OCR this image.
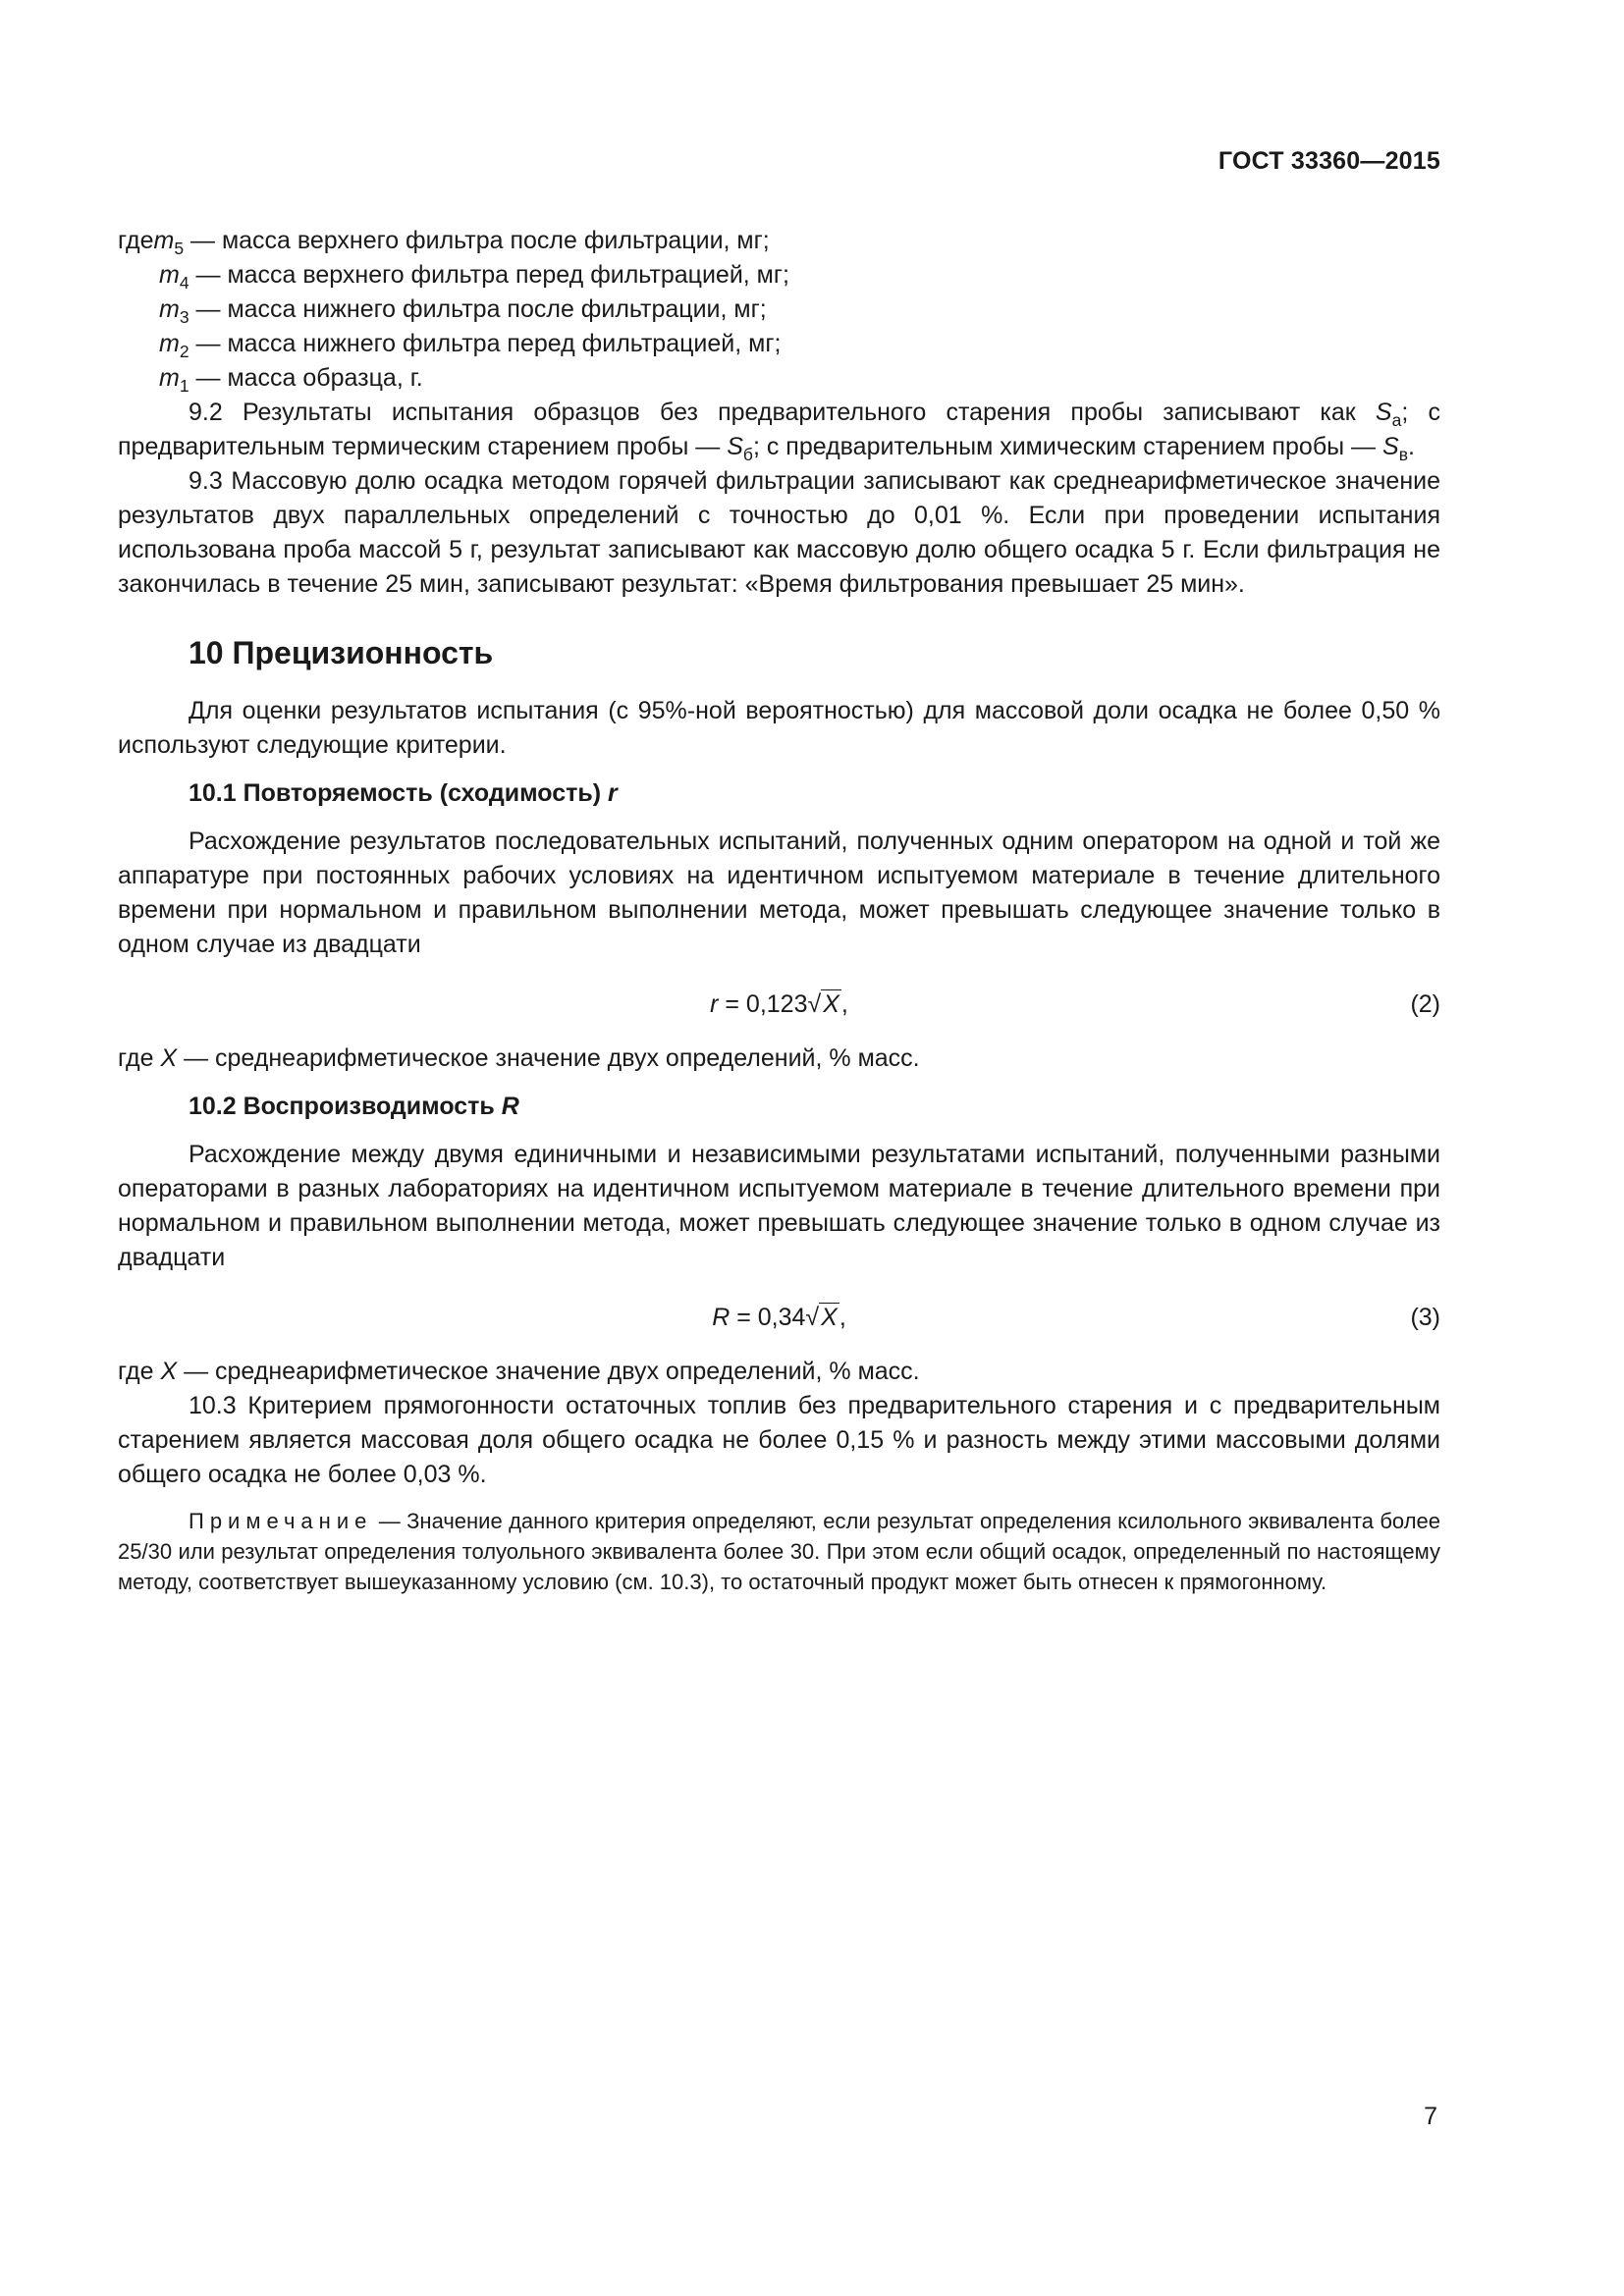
ГОСТ 33360—2015
гдеm$_5$ — масса верхнего фильтра после фильтрации, мг;
$m_4$ — масса верхнего фильтра перед фильтрацией, мг;
$m_3$ — масса нижнего фильтра после фильтрации, мг;
$m_2$ — масса нижнего фильтра перед фильтрацией, мг;
$m_1$ — масса образца, г.

9.2 Результаты испытания образцов без предварительного старения пробы записывают как $S_а$; с предварительным термическим старением пробы — $S_б$; с предварительным химическим старением пробы — $S_в$.

9.3 Массовую долю осадка методом горячей фильтрации записывают как среднеарифметическое значение результатов двух параллельных определений с точностью до 0,01 %. Если при проведении испытания использована проба массой 5 г, результат записывают как массовую долю общего осадка 5 г. Если фильтрация не закончилась в течение 25 мин, записывают результат: «Время фильтрования превышает 25 мин».

10 Прецизионность

Для оценки результатов испытания (с 95%-ной вероятностью) для массовой доли осадка не более 0,50 % используют следующие критерии.

10.1 Повторяемость (сходимость) r

Расхождение результатов последовательных испытаний, полученных одним оператором на одной и той же аппаратуре при постоянных рабочих условиях на идентичном испытуемом материале в течение длительного времени при нормальном и правильном выполнении метода, может превышать следующее значение только в одном случае из двадцати

r = 0,123√X,	(2)

где X — среднеарифметическое значение двух определений, % масс.

10.2 Воспроизводимость R

Расхождение между двумя единичными и независимыми результатами испытаний, полученными разными операторами в разных лабораториях на идентичном испытуемом материале в течение длительного времени при нормальном и правильном выполнении метода, может превышать следующее значение только в одном случае из двадцати

R = 0,34√X,	(3)

где X — среднеарифметическое значение двух определений, % масс.

10.3 Критерием прямогонности остаточных топлив без предварительного старения и с предварительным старением является массовая доля общего осадка не более 0,15 % и разность между этими массовыми долями общего осадка не более 0,03 %.

Примечание — Значение данного критерия определяют, если результат определения ксилольного эквивалента более 25/30 или результат определения толуольного эквивалента более 30. При этом если общий осадок, определенный по настоящему методу, соответствует вышеуказанному условию (см. 10.3), то остаточный продукт может быть отнесен к прямогонному.

7
